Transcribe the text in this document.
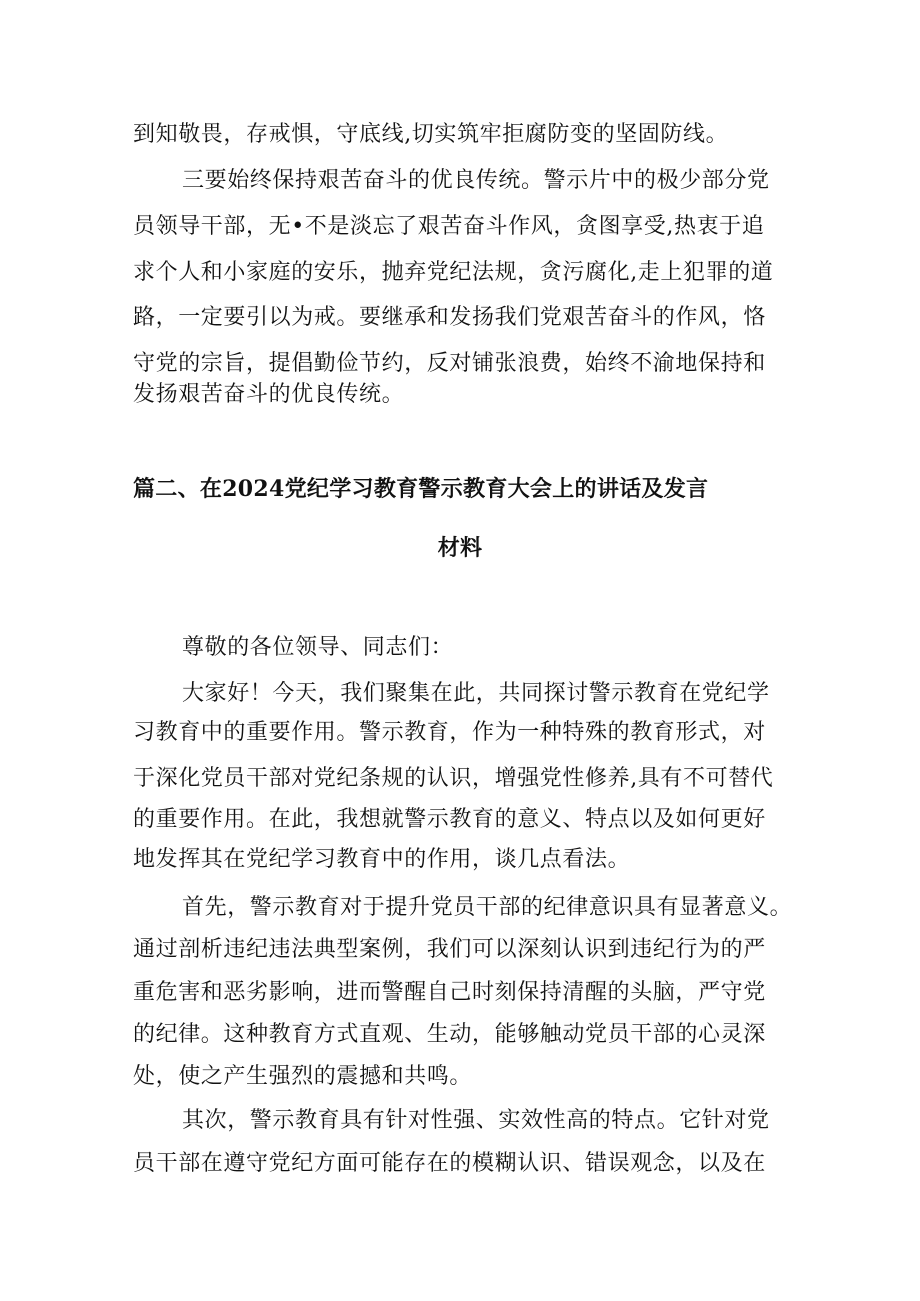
到知敬畏，存戒惧，守底线,切实筑牢拒腐防变的坚固防线。
三要始终保持艰苦奋斗的优良传统。警示片中的极少部分党
员领导干部，无•不是淡忘了艰苦奋斗作风，贪图享受,热衷于追
求个人和小家庭的安乐，抛弃党纪法规，贪污腐化,走上犯罪的道
路，一定要引以为戒。要继承和发扬我们党艰苦奋斗的作风，恪
守党的宗旨，提倡勤俭节约，反对铺张浪费，始终不渝地保持和
发扬艰苦奋斗的优良传统。
篇二、在2024党纪学习教育警示教育大会上的讲话及发言
材料
尊敬的各位领导、同志们：
大家好！今天，我们聚集在此，共同探讨警示教育在党纪学
习教育中的重要作用。警示教育，作为一种特殊的教育形式，对
于深化党员干部对党纪条规的认识，增强党性修养,具有不可替代
的重要作用。在此，我想就警示教育的意义、特点以及如何更好
地发挥其在党纪学习教育中的作用，谈几点看法。
首先，警示教育对于提升党员干部的纪律意识具有显著意义。
通过剖析违纪违法典型案例，我们可以深刻认识到违纪行为的严
重危害和恶劣影响，进而警醒自己时刻保持清醒的头脑，严守党
的纪律。这种教育方式直观、生动，能够触动党员干部的心灵深
处，使之产生强烈的震撼和共鸣。
其次，警示教育具有针对性强、实效性高的特点。它针对党
员干部在遵守党纪方面可能存在的模糊认识、错误观念，以及在
